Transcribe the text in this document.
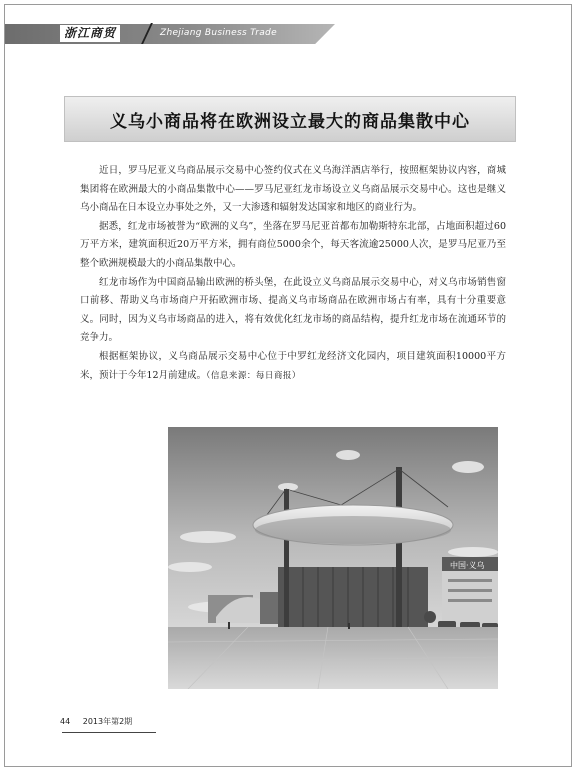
浙江商贸	Zhejiang Business Trade
义乌小商品将在欧洲设立最大的商品集散中心

近日，罗马尼亚义乌商品展示交易中心签约仪式在义乌海洋酒店举行，按照框架协议内容，商城集团将在欧洲最大的小商品集散中心——罗马尼亚红龙市场设立义乌商品展示交易中心。这也是继义乌小商品在日本设立办事处之外，又一大渗透和辐射发达国家和地区的商业行为。

据悉，红龙市场被誉为“欧洲的义乌”，坐落在罗马尼亚首都布加勒斯特东北部，占地面积超过60万平方米，建筑面积近20万平方米，拥有商位5000余个，每天客流逾25000人次，是罗马尼亚乃至整个欧洲规模最大的小商品集散中心。

红龙市场作为中国商品输出欧洲的桥头堡，在此设立义乌商品展示交易中心，对义乌市场销售窗口前移、帮助义乌市场商户开拓欧洲市场、提高义乌市场商品在欧洲市场占有率，具有十分重要意义。同时，因为义乌市场商品的进入，将有效优化红龙市场的商品结构，提升红龙市场在流通环节的竞争力。

根据框架协议，义乌商品展示交易中心位于中罗红龙经济文化园内，项目建筑面积10000平方米，预计于今年12月前建成。（信息来源：每日商报）

中国·义乌
44 2013年第2期
